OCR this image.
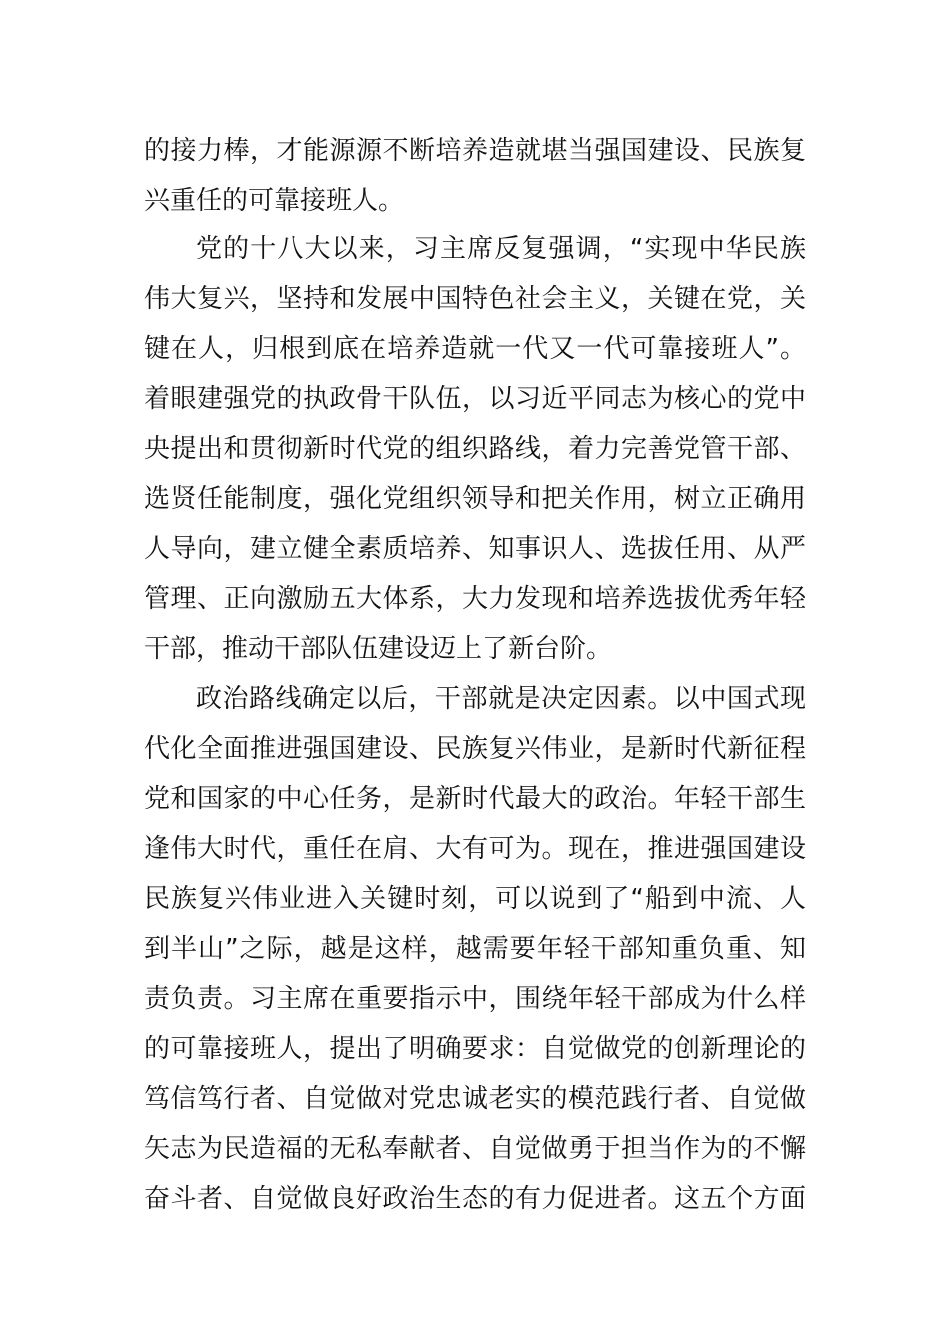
的接力棒，才能源源不断培养造就堪当强国建设、民族复
兴重任的可靠接班人。
党的十八大以来，习主席反复强调，“实现中华民族
伟大复兴，坚持和发展中国特色社会主义，关键在党，关
键在人，归根到底在培养造就一代又一代可靠接班人”。
着眼建强党的执政骨干队伍，以习近平同志为核心的党中
央提出和贯彻新时代党的组织路线，着力完善党管干部、
选贤任能制度，强化党组织领导和把关作用，树立正确用
人导向，建立健全素质培养、知事识人、选拔任用、从严
管理、正向激励五大体系，大力发现和培养选拔优秀年轻
干部，推动干部队伍建设迈上了新台阶。
政治路线确定以后，干部就是决定因素。以中国式现
代化全面推进强国建设、民族复兴伟业，是新时代新征程
党和国家的中心任务，是新时代最大的政治。年轻干部生
逢伟大时代，重任在肩、大有可为。现在，推进强国建设
民族复兴伟业进入关键时刻，可以说到了“船到中流、人
到半山”之际，越是这样，越需要年轻干部知重负重、知
责负责。习主席在重要指示中，围绕年轻干部成为什么样
的可靠接班人，提出了明确要求：自觉做党的创新理论的
笃信笃行者、自觉做对党忠诚老实的模范践行者、自觉做
矢志为民造福的无私奉献者、自觉做勇于担当作为的不懈
奋斗者、自觉做良好政治生态的有力促进者。这五个方面
